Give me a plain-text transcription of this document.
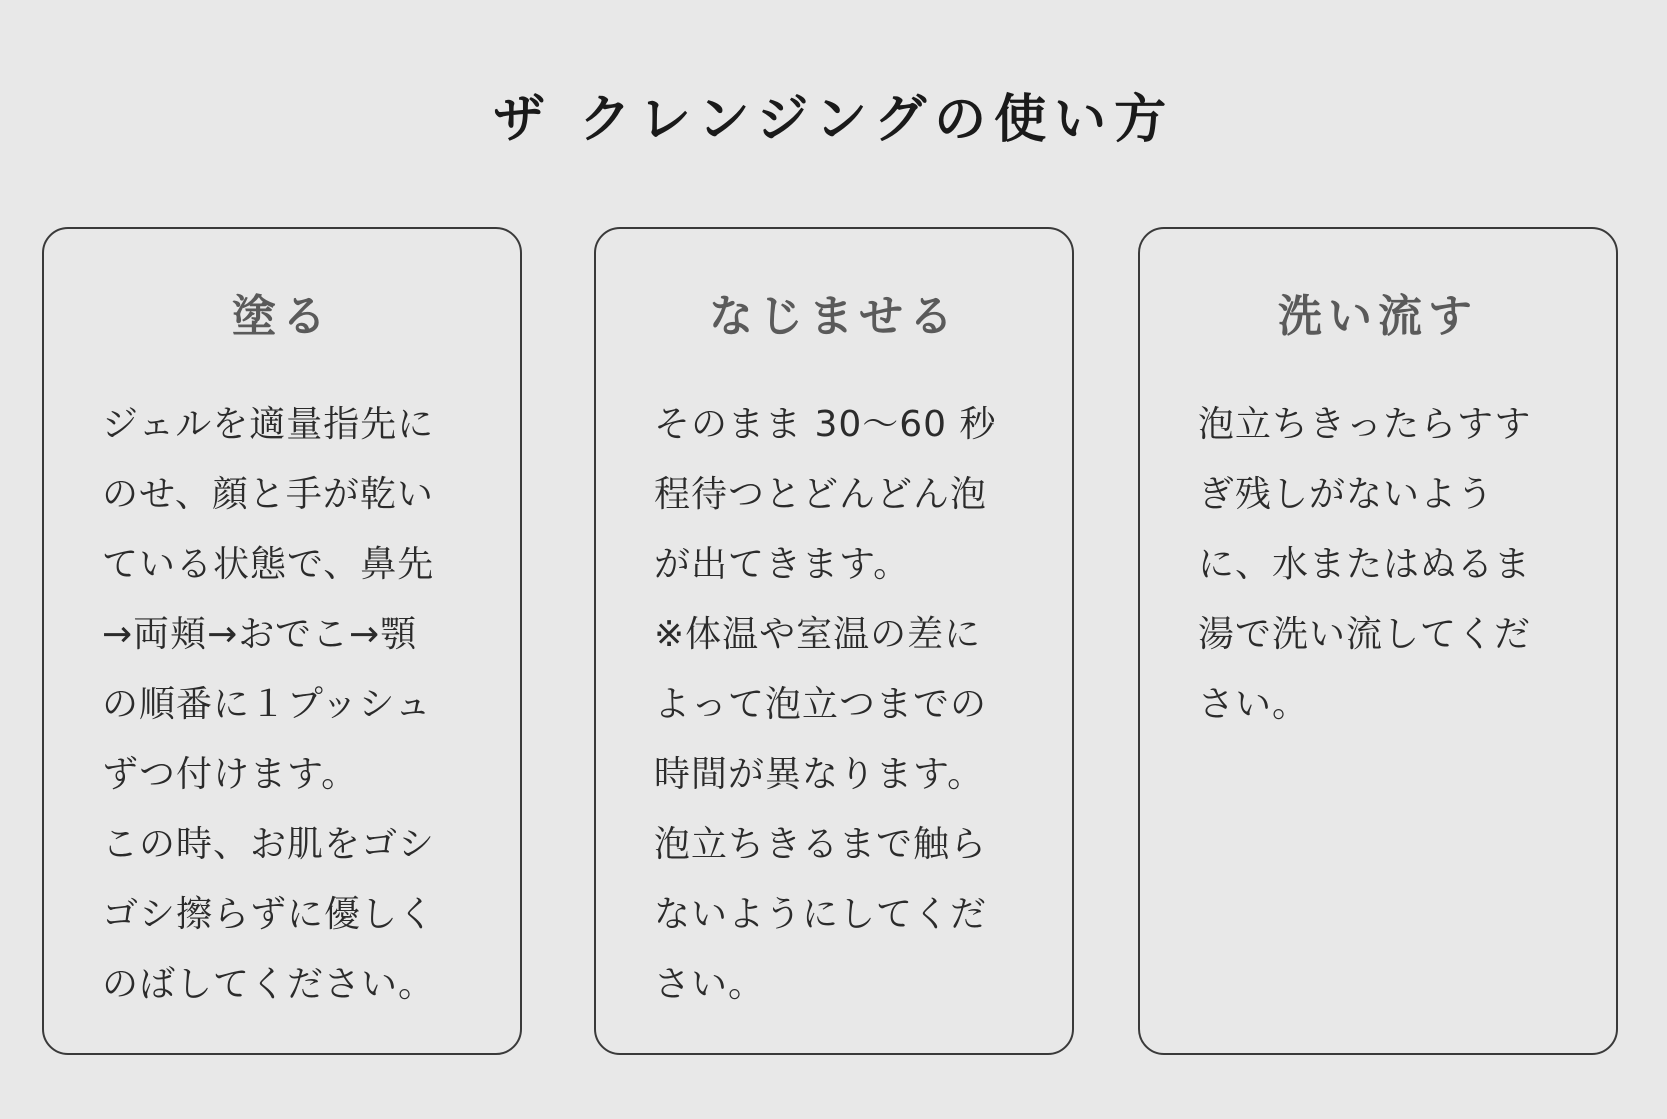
ザ クレンジングの使い方
塗る

ジェルを適量指先に
のせ、顔と手が乾い
ている状態で、鼻先
→両頬→おでこ→顎
の順番に１プッシュ
ずつ付けます。
この時、お肌をゴシ
ゴシ擦らずに優しく
のばしてください。

なじませる

そのまま 30〜60 秒
程待つとどんどん泡
が出てきます。
※体温や室温の差に
よって泡立つまでの
時間が異なります。
泡立ちきるまで触ら
ないようにしてくだ
さい。

洗い流す

泡立ちきったらすす
ぎ残しがないよう
に、水またはぬるま
湯で洗い流してくだ
さい。
